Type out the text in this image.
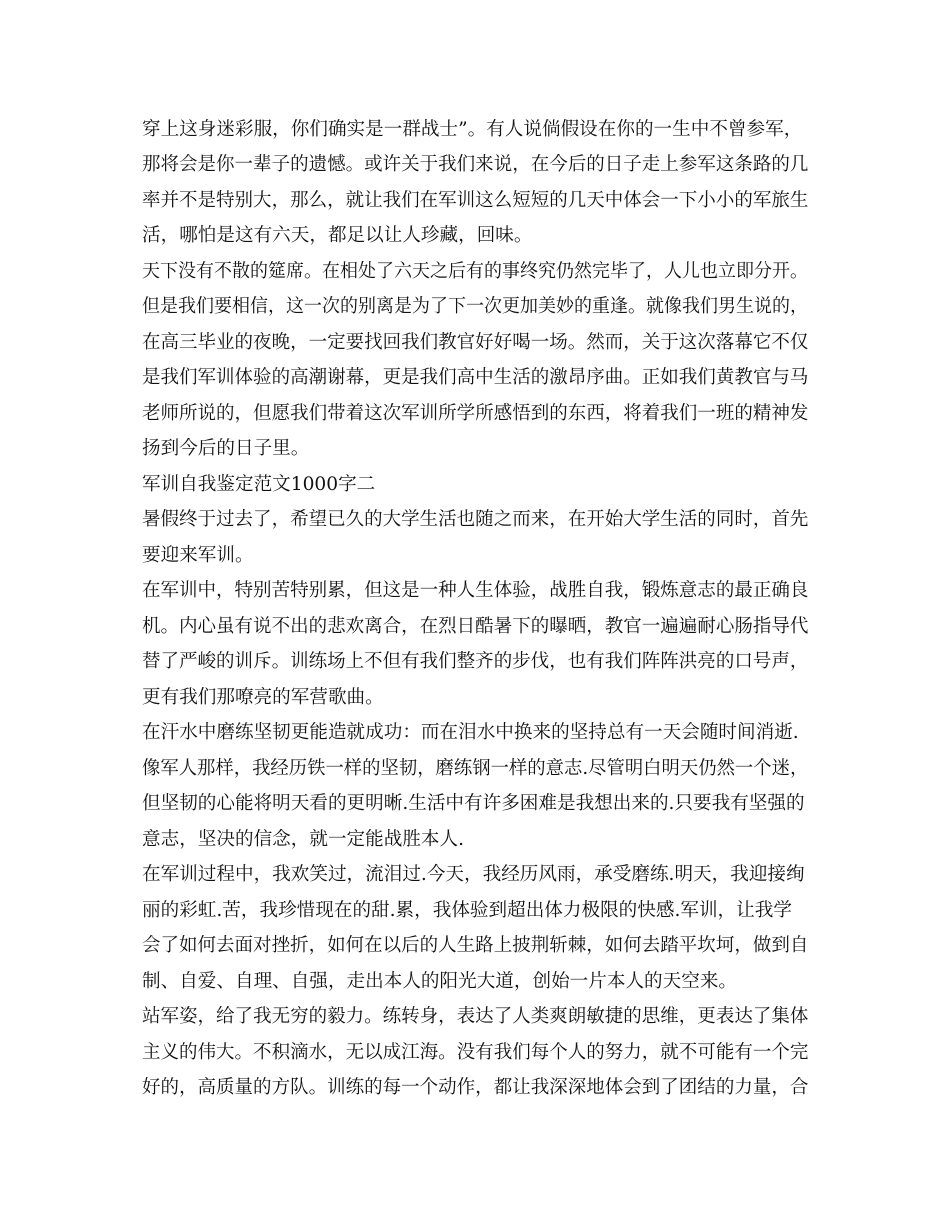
穿上这身迷彩服，你们确实是一群战士”。有人说倘假设在你的一生中不曾参军，
那将会是你一辈子的遗憾。或许关于我们来说，在今后的日子走上参军这条路的几
率并不是特别大，那么，就让我们在军训这么短短的几天中体会一下小小的军旅生
活，哪怕是这有六天，都足以让人珍藏，回味。
天下没有不散的筵席。在相处了六天之后有的事终究仍然完毕了，人儿也立即分开。
但是我们要相信，这一次的别离是为了下一次更加美妙的重逢。就像我们男生说的，
在高三毕业的夜晚，一定要找回我们教官好好喝一场。然而，关于这次落幕它不仅
是我们军训体验的高潮谢幕，更是我们高中生活的激昂序曲。正如我们黄教官与马
老师所说的，但愿我们带着这次军训所学所感悟到的东西，将着我们一班的精神发
扬到今后的日子里。
军训自我鉴定范文1000字二
暑假终于过去了，希望已久的大学生活也随之而来，在开始大学生活的同时，首先
要迎来军训。
在军训中，特别苦特别累，但这是一种人生体验，战胜自我，锻炼意志的最正确良
机。内心虽有说不出的悲欢离合，在烈日酷暑下的曝晒，教官一遍遍耐心肠指导代
替了严峻的训斥。训练场上不但有我们整齐的步伐，也有我们阵阵洪亮的口号声，
更有我们那嘹亮的军营歌曲。
在汗水中磨练坚韧更能造就成功：而在泪水中换来的坚持总有一天会随时间消逝.
像军人那样，我经历铁一样的坚韧，磨练钢一样的意志.尽管明白明天仍然一个迷，
但坚韧的心能将明天看的更明晰.生活中有许多困难是我想出来的.只要我有坚强的
意志，坚决的信念，就一定能战胜本人.
在军训过程中，我欢笑过，流泪过.今天，我经历风雨，承受磨练.明天，我迎接绚
丽的彩虹.苦，我珍惜现在的甜.累，我体验到超出体力极限的快感.军训，让我学
会了如何去面对挫折，如何在以后的人生路上披荆斩棘，如何去踏平坎坷，做到自
制、自爱、自理、自强，走出本人的阳光大道，创始一片本人的天空来。
站军姿，给了我无穷的毅力。练转身，表达了人类爽朗敏捷的思维，更表达了集体
主义的伟大。不积滴水，无以成江海。没有我们每个人的努力，就不可能有一个完
好的，高质量的方队。训练的每一个动作，都让我深深地体会到了团结的力量，合
